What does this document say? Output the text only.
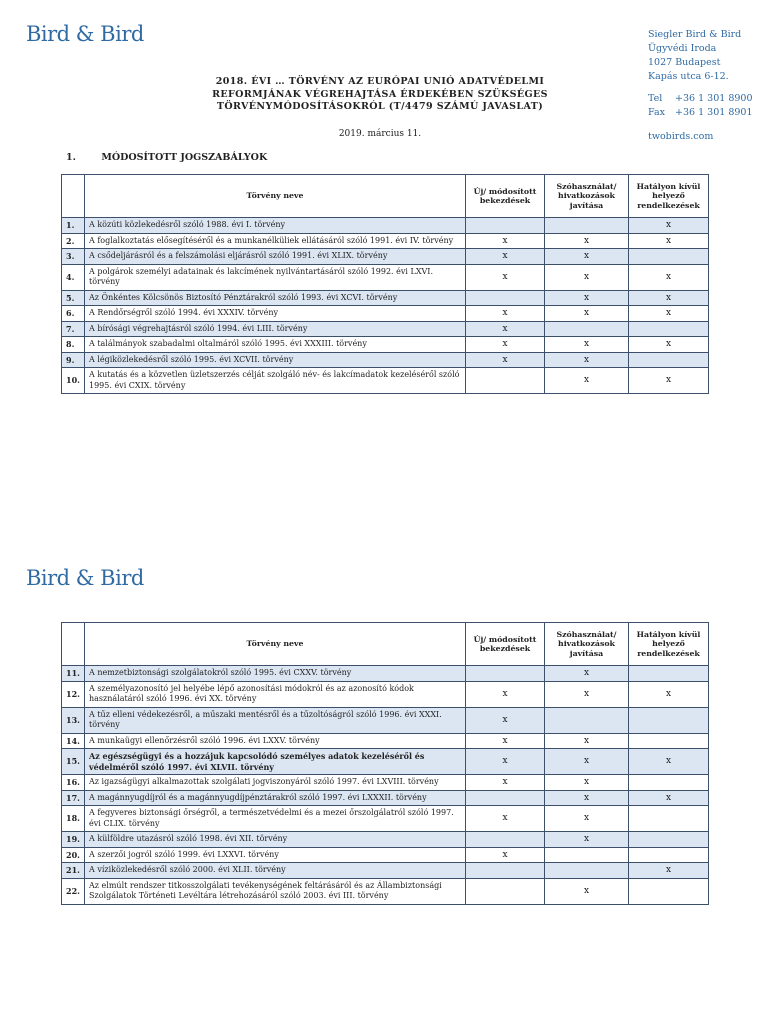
Bird & Bird	Siegler Bird & Bird
Ügyvédi Iroda
1027 Budapest
Kapás utca 6-12.
Tel +36 1 301 8900
Fax +36 1 301 8901
twobirds.com
2018. ÉVI … TÖRVÉNY AZ EURÓPAI UNIÓ ADATVÉDELMI
REFORMJÁNAK VÉGREHAJTÁSA ÉRDEKÉBEN SZÜKSÉGES
TÖRVÉNYMÓDOSÍTÁSOKRÓL (T/4479 SZÁMÚ JAVASLAT)
2019. március 11.
1.	MÓDOSÍTOTT JOGSZABÁLYOK
	Törvény neve	Új/ módosított bekezdések	Szóhasználat/ hivatkozások javítása	Hatályon kívül helyező rendelkezések
1.	A közúti közlekedésről szóló 1988. évi I. törvény			x
2.	A foglalkoztatás elősegítéséről és a munkanélküliek ellátásáról szóló 1991. évi IV. törvény	x	x	x
3.	A csődeljárásról és a felszámolási eljárásról szóló 1991. évi XLIX. törvény	x	x	
4.	A polgárok személyi adatainak és lakcímének nyilvántartásáról szóló 1992. évi LXVI. törvény	x	x	x
5.	Az Önkéntes Kölcsönös Biztosító Pénztárakról szóló 1993. évi XCVI. törvény		x	x
6.	A Rendőrségről szóló 1994. évi XXXIV. törvény	x	x	x
7.	A bírósági végrehajtásról szóló 1994. évi LIII. törvény	x		
8.	A találmányok szabadalmi oltalmáról szóló 1995. évi XXXIII. törvény	x	x	x
9.	A légiközlekedésről szóló 1995. évi XCVII. törvény	x	x	
10.	A kutatás és a közvetlen üzletszerzés célját szolgáló név- és lakcímadatok kezeléséről szóló 1995. évi CXIX. törvény		x	x
Bird & Bird
	Törvény neve	Új/ módosított bekezdések	Szóhasználat/ hivatkozások javítása	Hatályon kívül helyező rendelkezések
11.	A nemzetbiztonsági szolgálatokról szóló 1995. évi CXXV. törvény		x	
12.	A személyazonosító jel helyébe lépő azonosítási módokról és az azonosító kódok használatáról szóló 1996. évi XX. törvény	x	x	x
13.	A tűz elleni védekezésről, a műszaki mentésről és a tűzoltóságról szóló 1996. évi XXXI. törvény	x		
14.	A munkaügyi ellenőrzésről szóló 1996. évi LXXV. törvény	x	x	
15.	Az egészségügyi és a hozzájuk kapcsolódó személyes adatok kezeléséről és védelméről szóló 1997. évi XLVII. törvény	x	x	x
16.	Az igazságügyi alkalmazottak szolgálati jogviszonyáról szóló 1997. évi LXVIII. törvény	x	x	
17.	A magánnyugdíjról és a magánnyugdíjpénztárakról szóló 1997. évi LXXXII. törvény		x	x
18.	A fegyveres biztonsági őrségről, a természetvédelmi és a mezei őrszolgálatról szóló 1997. évi CLIX. törvény	x	x	
19.	A külföldre utazásról szóló 1998. évi XII. törvény		x	
20.	A szerzői jogról szóló 1999. évi LXXVI. törvény	x		
21.	A víziközlekedésről szóló 2000. évi XLII. törvény			x
22.	Az elmúlt rendszer titkosszolgálati tevékenységének feltárásáról és az Állambiztonsági Szolgálatok Történeti Levéltára létrehozásáról szóló 2003. évi III. törvény		x	
